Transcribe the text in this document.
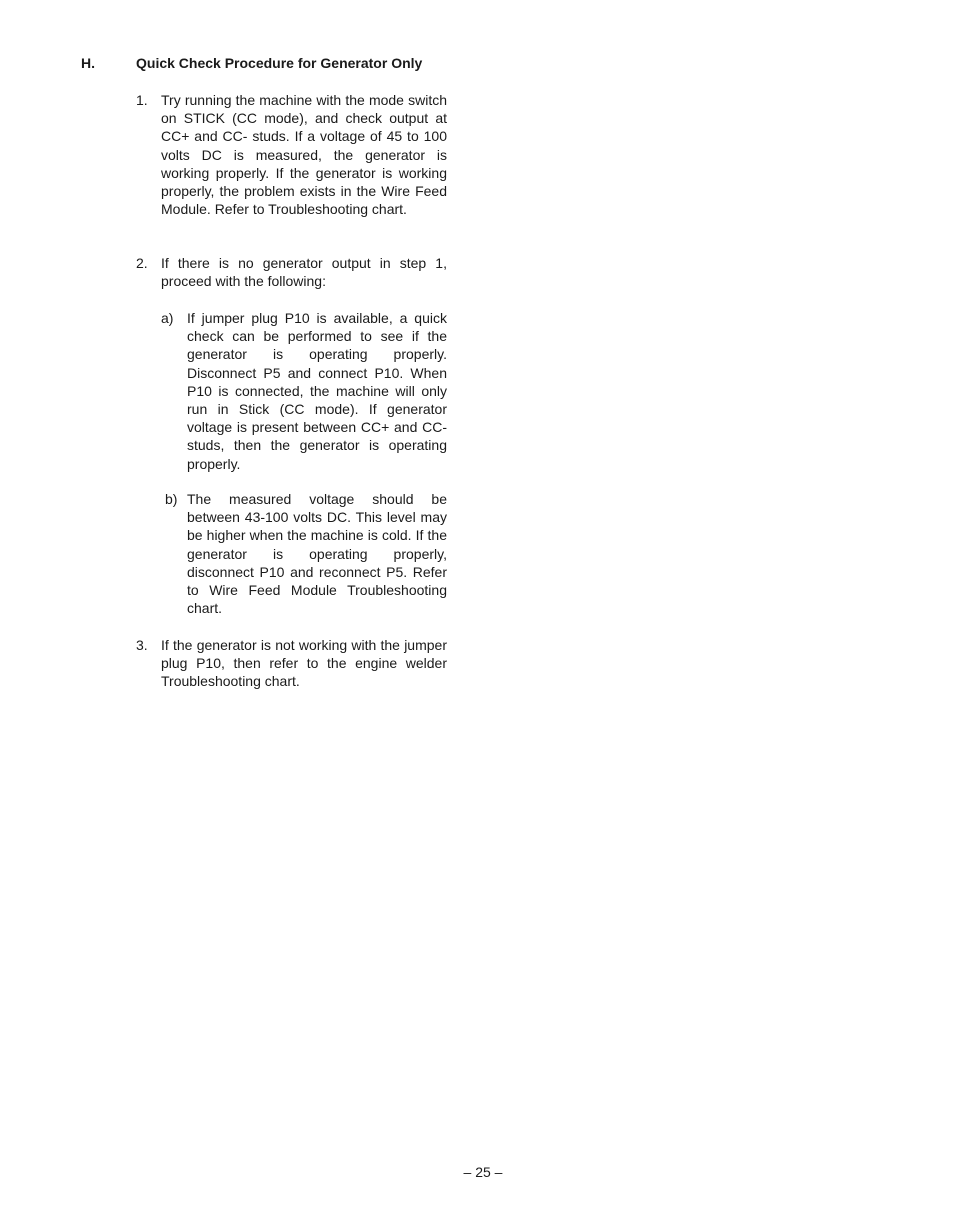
H.	Quick Check Procedure for Generator Only
1. Try running the machine with the mode switch on STICK (CC mode), and check output at CC+ and CC- studs. If a voltage of 45 to 100 volts DC is measured, the generator is working properly. If the generator is working properly, the problem exists in the Wire Feed Module. Refer to Troubleshooting chart.
2. If there is no generator output in step 1, proceed with the following:
a) If jumper plug P10 is available, a quick check can be performed to see if the generator is operating properly. Disconnect P5 and connect P10. When P10 is connected, the machine will only run in Stick (CC mode). If generator voltage is present between CC+ and CC- studs, then the generator is operating properly.
b) The measured voltage should be between 43-100 volts DC. This level may be higher when the machine is cold. If the generator is operating properly, disconnect P10 and reconnect P5. Refer to Wire Feed Module Troubleshooting chart.
3. If the generator is not working with the jumper plug P10, then refer to the engine welder Troubleshooting chart.
– 25 –
